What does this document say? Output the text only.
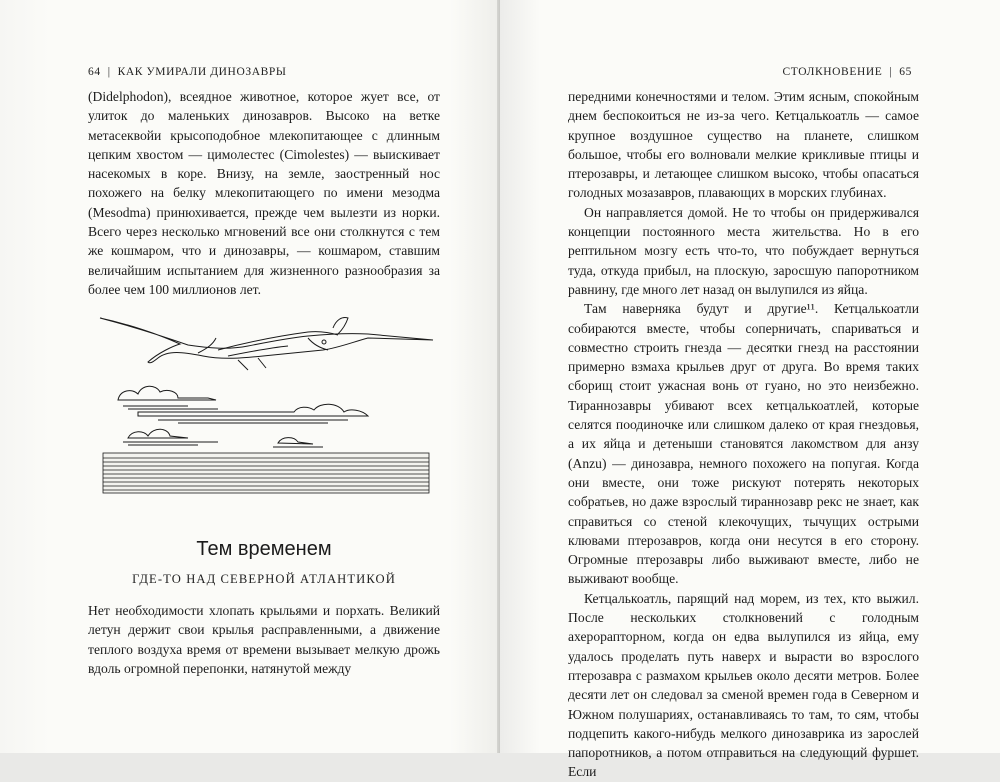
64 | КАК УМИРАЛИ ДИНОЗАВРЫ

(Didelphodon), всеядное животное, которое жует все, от улиток до маленьких динозавров. Высоко на ветке метасеквойи крысоподобное млекопитающее с длинным цепким хвостом — цимолестес (Cimolestes) — выискивает насекомых в коре. Внизу, на земле, заостренный нос похожего на белку млекопитающего по имени мезодма (Mesodma) принюхивается, прежде чем вылезти из норки. Всего через несколько мгновений все они столкнутся с тем же кошмаром, что и динозавры, — кошмаром, ставшим величайшим испытанием для жизненного разнообразия за более чем 100 миллионов лет.

Тем временем
ГДЕ-ТО НАД СЕВЕРНОЙ АТЛАНТИКОЙ

Нет необходимости хлопать крыльями и порхать. Великий летун держит свои крылья расправленными, а движение теплого воздуха время от времени вызывает мелкую дрожь вдоль огромной перепонки, натянутой между

СТОЛКНОВЕНИЕ | 65

передними конечностями и телом. Этим ясным, спокойным днем беспокоиться не из-за чего. Кетцалькоатль — самое крупное воздушное существо на планете, слишком большое, чтобы его волновали мелкие крикливые птицы и птерозавры, и летающее слишком высоко, чтобы опасаться голодных мозазавров, плавающих в морских глубинах.

Он направляется домой. Не то чтобы он придерживался концепции постоянного места жительства. Но в его рептильном мозгу есть что-то, что побуждает вернуться туда, откуда прибыл, на плоскую, заросшую папоротником равнину, где много лет назад он вылупился из яйца.

Там наверняка будут и другие¹¹. Кетцалькоатли собираются вместе, чтобы соперничать, спариваться и совместно строить гнезда — десятки гнезд на расстоянии примерно взмаха крыльев друг от друга. Во время таких сборищ стоит ужасная вонь от гуано, но это неизбежно. Тираннозавры убивают всех кетцалькоатлей, которые селятся поодиночке или слишком далеко от края гнездовья, а их яйца и детеныши становятся лакомством для анзу (Anzu) — динозавра, немного похожего на попугая. Когда они вместе, они тоже рискуют потерять некоторых собратьев, но даже взрослый тираннозавр рекс не знает, как справиться со стеной клекочущих, тычущих острыми клювами птерозавров, когда они несутся в его сторону. Огромные птерозавры либо выживают вместе, либо не выживают вообще.

Кетцалькоатль, парящий над морем, из тех, кто выжил. После нескольких столкновений с голодным ахерорапторном, когда он едва вылупился из яйца, ему удалось проделать путь наверх и вырасти во взрослого птерозавра с размахом крыльев около десяти метров. Более десяти лет он следовал за сменой времен года в Северном и Южном полушариях, останавливаясь то там, то сям, чтобы подцепить какого-нибудь мелкого динозаврика из зарослей папоротников, а потом отправиться на следующий фуршет. Если
